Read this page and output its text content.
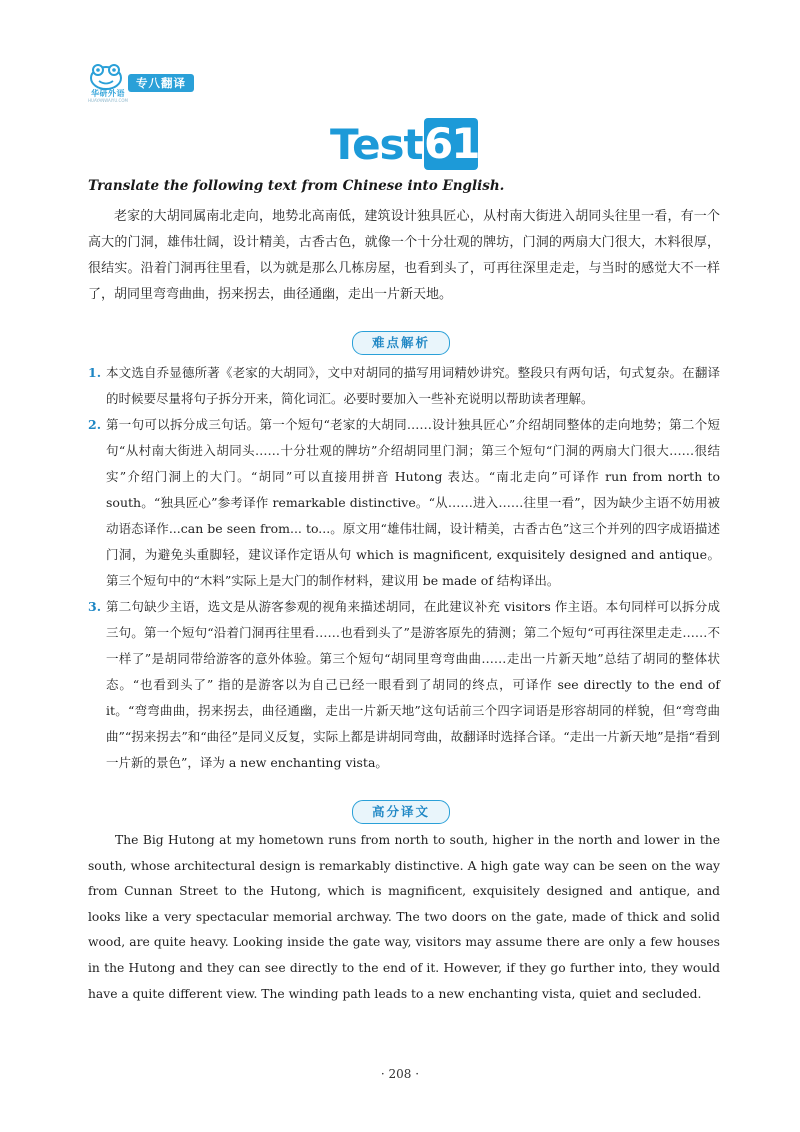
华研外语
HUAYANWAIYU.COM
专八翻译
Test 61
Translate the following text from Chinese into English.
老家的大胡同属南北走向，地势北高南低，建筑设计独具匠心，从村南大街进入胡同头往里一看，有一个高大的门洞，雄伟壮阔，设计精美，古香古色，就像一个十分壮观的牌坊，门洞的两扇大门很大，木料很厚，很结实。沿着门洞再往里看，以为就是那么几栋房屋，也看到头了，可再往深里走走，与当时的感觉大不一样了，胡同里弯弯曲曲，拐来拐去，曲径通幽，走出一片新天地。
难点解析
1. 本文选自乔显德所著《老家的大胡同》，文中对胡同的描写用词精妙讲究。整段只有两句话，句式复杂。在翻译的时候要尽量将句子拆分开来，简化词汇。必要时要加入一些补充说明以帮助读者理解。
2. 第一句可以拆分成三句话。第一个短句“老家的大胡同……设计独具匠心”介绍胡同整体的走向地势；第二个短句“从村南大街进入胡同头……十分壮观的牌坊”介绍胡同里门洞；第三个短句“门洞的两扇大门很大……很结实”介绍门洞上的大门。“胡同”可以直接用拼音 Hutong 表达。“南北走向”可译作 run from north to south。“独具匠心”参考译作 remarkable distinctive。“从……进入……往里一看”，因为缺少主语不妨用被动语态译作...can be seen from... to...。原文用“雄伟壮阔，设计精美，古香古色”这三个并列的四字成语描述门洞，为避免头重脚轻，建议译作定语从句 which is magnificent, exquisitely designed and antique。第三个短句中的“木料”实际上是大门的制作材料，建议用 be made of 结构译出。
3. 第二句缺少主语，选文是从游客参观的视角来描述胡同，在此建议补充 visitors 作主语。本句同样可以拆分成三句。第一个短句“沿着门洞再往里看……也看到头了”是游客原先的猜测；第二个短句“可再往深里走走……不一样了”是胡同带给游客的意外体验。第三个短句“胡同里弯弯曲曲……走出一片新天地”总结了胡同的整体状态。“也看到头了” 指的是游客以为自己已经一眼看到了胡同的终点，可译作 see directly to the end of it。“弯弯曲曲，拐来拐去，曲径通幽，走出一片新天地”这句话前三个四字词语是形容胡同的样貌，但“弯弯曲曲”“拐来拐去”和“曲径”是同义反复，实际上都是讲胡同弯曲，故翻译时选择合译。“走出一片新天地”是指“看到一片新的景色”，译为 a new enchanting vista。
高分译文
The Big Hutong at my hometown runs from north to south, higher in the north and lower in the south, whose architectural design is remarkably distinctive. A high gate way can be seen on the way from Cunnan Street to the Hutong, which is magnificent, exquisitely designed and antique, and looks like a very spectacular memorial archway. The two doors on the gate, made of thick and solid wood, are quite heavy. Looking inside the gate way, visitors may assume there are only a few houses in the Hutong and they can see directly to the end of it. However, if they go further into, they would have a quite different view. The winding path leads to a new enchanting vista, quiet and secluded.
· 208 ·
